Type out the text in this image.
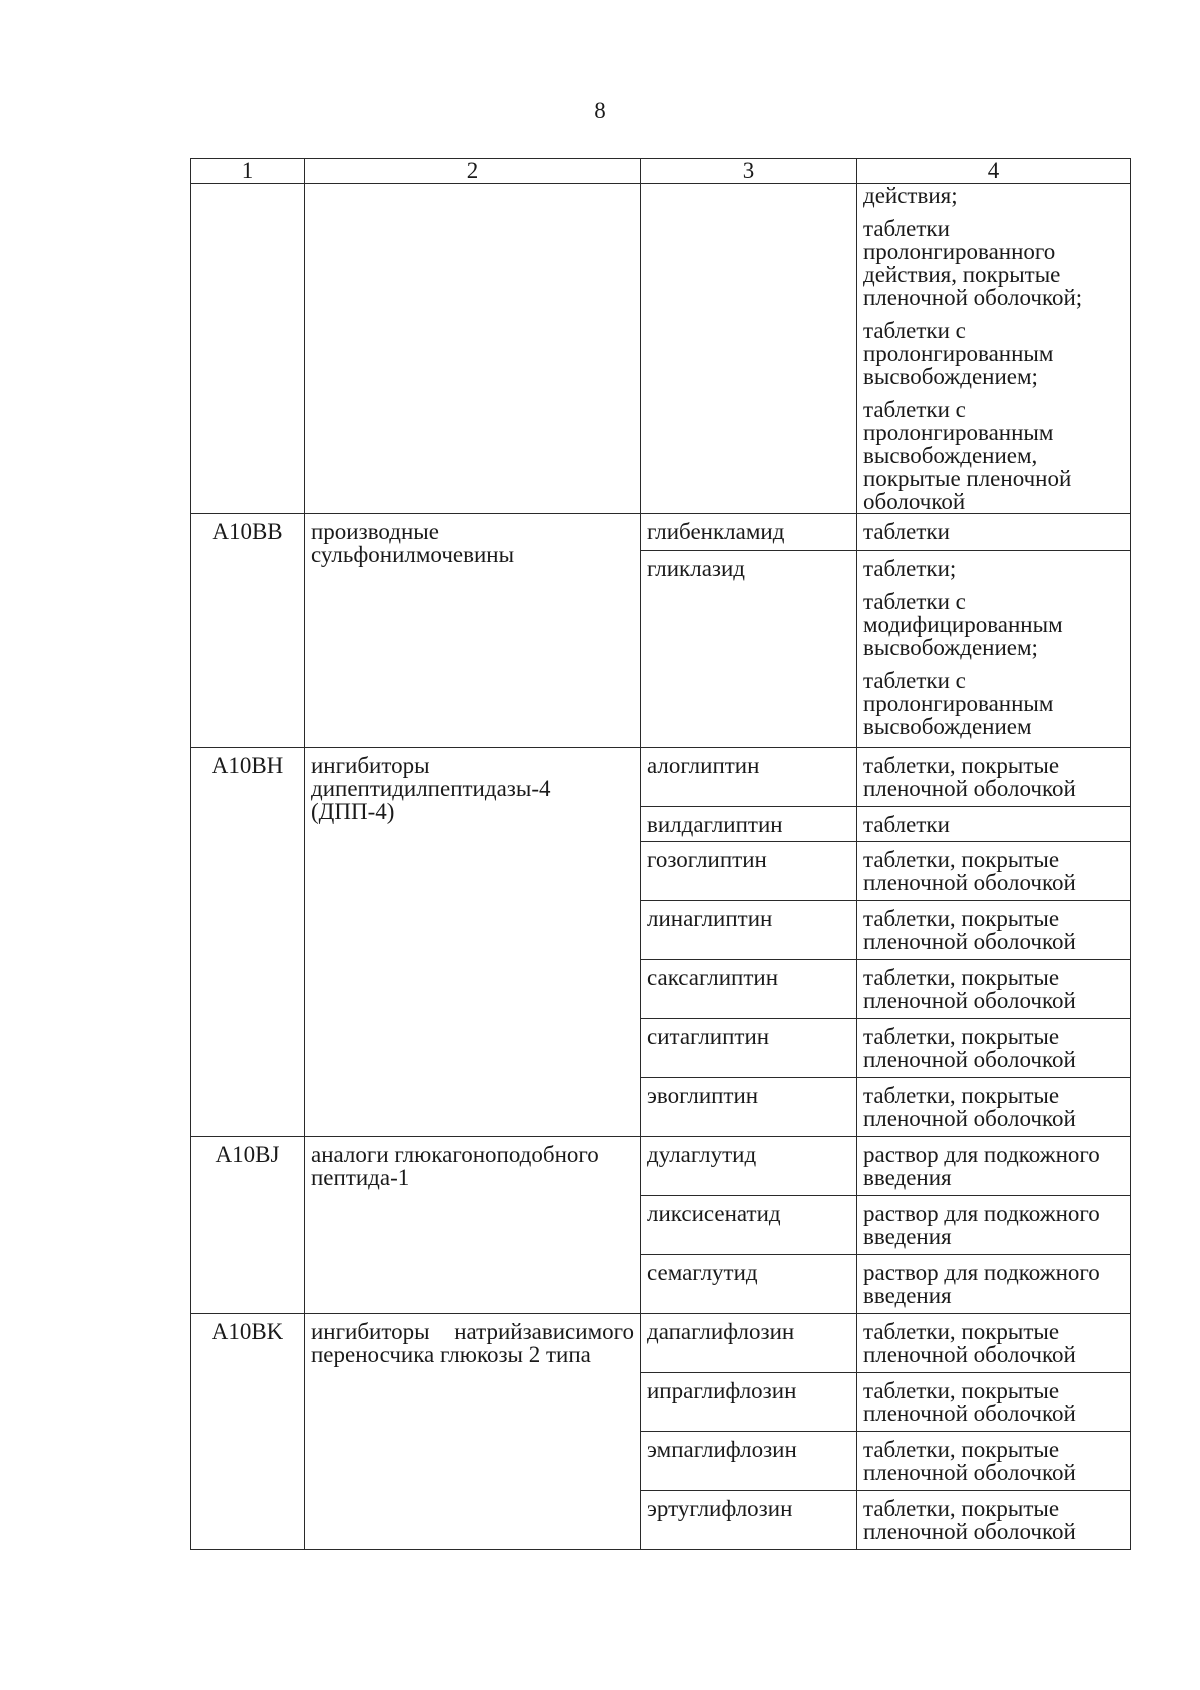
8
1	2	3	4

			действия;
таблетки пролонгированного действия, покрытые пленочной оболочкой;
таблетки с пролонгированным высвобождением;
таблетки с пролонгированным высвобождением, покрытые пленочной оболочкой

A10BB	производные сульфонилмочевины	глибенкламид	таблетки

		гликлазид	таблетки;
таблетки с модифицированным высвобождением;
таблетки с пролонгированным высвобождением

A10BH	ингибиторы дипептидилпептидазы-4 (ДПП-4)	алоглиптин	таблетки, покрытые пленочной оболочкой

		вилдаглиптин	таблетки

		гозоглиптин	таблетки, покрытые пленочной оболочкой

		линаглиптин	таблетки, покрытые пленочной оболочкой

		саксаглиптин	таблетки, покрытые пленочной оболочкой

		ситаглиптин	таблетки, покрытые пленочной оболочкой

		эвоглиптин	таблетки, покрытые пленочной оболочкой

A10BJ	аналоги глюкагоноподобного пептида-1	дулаглутид	раствор для подкожного введения

		ликсисенатид	раствор для подкожного введения

		семаглутид	раствор для подкожного введения

A10BK	ингибиторы натрийзависимого переносчика глюкозы 2 типа	дапаглифлозин	таблетки, покрытые пленочной оболочкой

		ипраглифлозин	таблетки, покрытые пленочной оболочкой

		эмпаглифлозин	таблетки, покрытые пленочной оболочкой

		эртуглифлозин	таблетки, покрытые пленочной оболочкой
